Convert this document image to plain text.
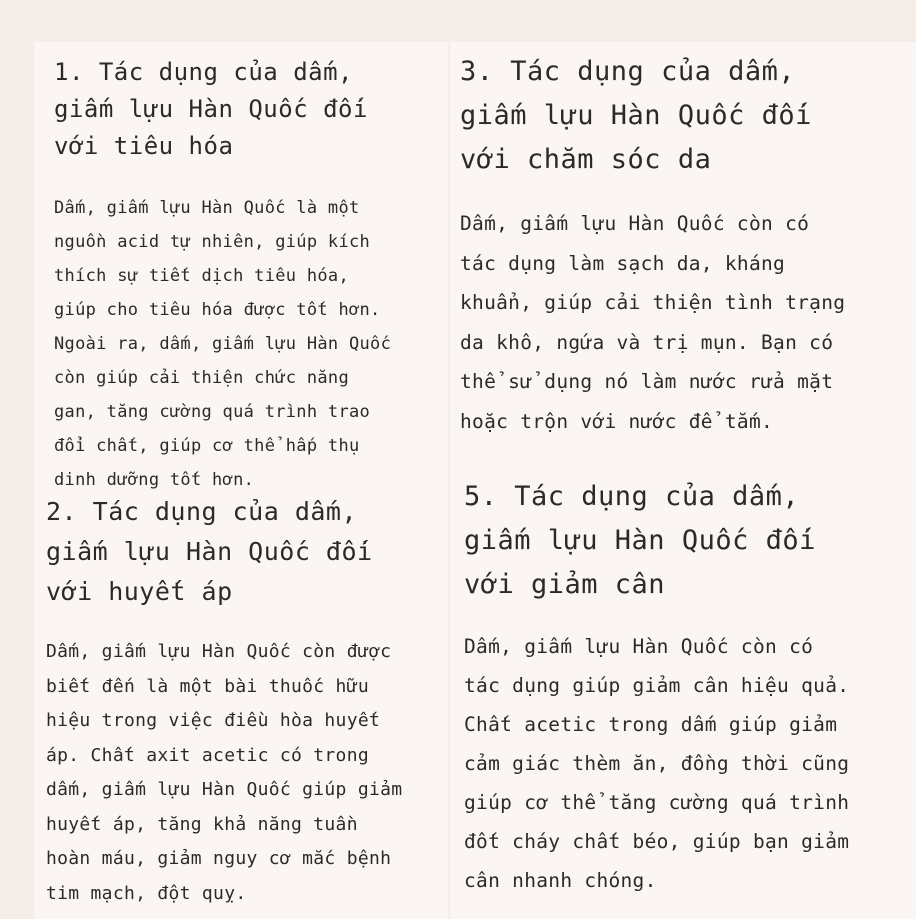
1. Tác dụng của dấm,
giấm lựu Hàn Quốc đối
với tiêu hóa

Dấm, giấm lựu Hàn Quốc là một
nguồn acid tự nhiên, giúp kích
thích sự tiết dịch tiêu hóa,
giúp cho tiêu hóa được tốt hơn.
Ngoài ra, dấm, giấm lựu Hàn Quốc
còn giúp cải thiện chức năng
gan, tăng cường quá trình trao
đổi chất, giúp cơ thể hấp thụ
dinh dưỡng tốt hơn.

2. Tác dụng của dấm,
giấm lựu Hàn Quốc đối
với huyết áp

Dấm, giấm lựu Hàn Quốc còn được
biết đến là một bài thuốc hữu
hiệu trong việc điều hòa huyết
áp. Chất axit acetic có trong
dấm, giấm lựu Hàn Quốc giúp giảm
huyết áp, tăng khả năng tuần
hoàn máu, giảm nguy cơ mắc bệnh
tim mạch, đột quỵ.

3. Tác dụng của dấm,
giấm lựu Hàn Quốc đối
với chăm sóc da

Dấm, giấm lựu Hàn Quốc còn có
tác dụng làm sạch da, kháng
khuẩn, giúp cải thiện tình trạng
da khô, ngứa và trị mụn. Bạn có
thể sử dụng nó làm nước rửa mặt
hoặc trộn với nước để tắm.

5. Tác dụng của dấm,
giấm lựu Hàn Quốc đối
với giảm cân

Dấm, giấm lựu Hàn Quốc còn có
tác dụng giúp giảm cân hiệu quả.
Chất acetic trong dấm giúp giảm
cảm giác thèm ăn, đồng thời cũng
giúp cơ thể tăng cường quá trình
đốt cháy chất béo, giúp bạn giảm
cân nhanh chóng.
